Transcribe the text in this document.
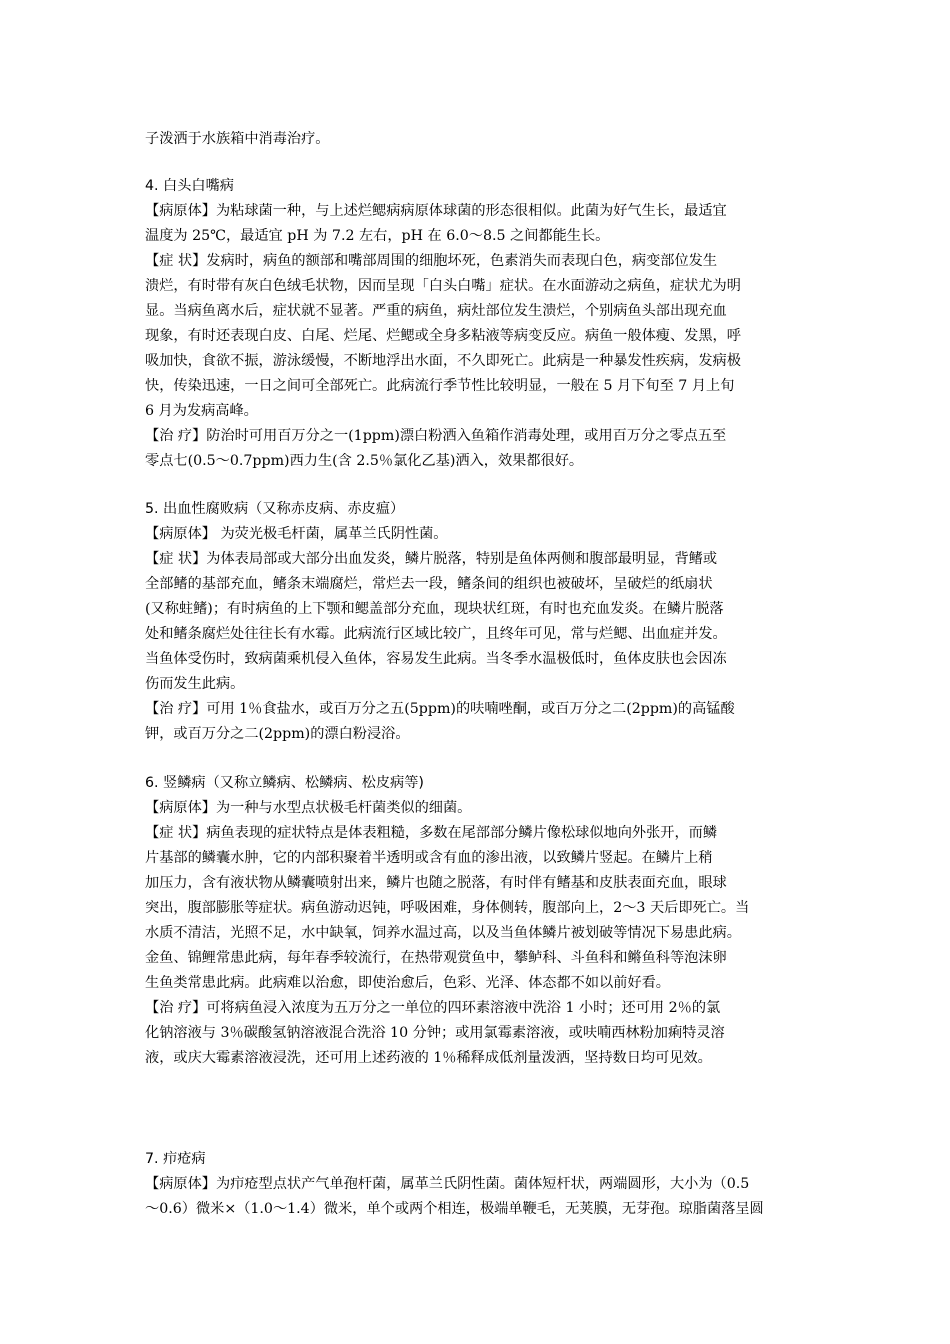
子泼洒于水族箱中消毒治疗。
4. 白头白嘴病
【病原体】为粘球菌一种，与上述烂鳃病病原体球菌的形态很相似。此菌为好气生长，最适宜
温度为 25℃，最适宜 pH 为 7.2 左右，pH 在 6.0～8.5 之间都能生长。
【症 状】发病时，病鱼的额部和嘴部周围的细胞坏死，色素消失而表现白色，病变部位发生
溃烂，有时带有灰白色绒毛状物，因而呈现「白头白嘴」症状。在水面游动之病鱼，症状尤为明
显。当病鱼离水后，症状就不显著。严重的病鱼，病灶部位发生溃烂，个别病鱼头部出现充血
现象，有时还表现白皮、白尾、烂尾、烂鳃或全身多粘液等病变反应。病鱼一般体瘦、发黑，呼
吸加快，食欲不振，游泳缓慢，不断地浮出水面，不久即死亡。此病是一种暴发性疾病，发病极
快，传染迅速，一日之间可全部死亡。此病流行季节性比较明显，一般在 5 月下旬至 7 月上旬
6 月为发病高峰。
【治 疗】防治时可用百万分之一(1ppm)漂白粉洒入鱼箱作消毒处理，或用百万分之零点五至
零点七(0.5～0.7ppm)西力生(含 2.5％氯化乙基)洒入，效果都很好。
5. 出血性腐败病（又称赤皮病、赤皮瘟）
【病原体】 为荧光极毛杆菌，属革兰氏阴性菌。
【症 状】为体表局部或大部分出血发炎，鳞片脱落，特别是鱼体两侧和腹部最明显，背鳍或
全部鳍的基部充血，鳍条末端腐烂，常烂去一段，鳍条间的组织也被破坏，呈破烂的纸扇状
(又称蛀鳍)；有时病鱼的上下颚和鳃盖部分充血，现块状红斑，有时也充血发炎。在鳞片脱落
处和鳍条腐烂处往往长有水霉。此病流行区域比较广，且终年可见，常与烂鳃、出血症并发。
当鱼体受伤时，致病菌乘机侵入鱼体，容易发生此病。当冬季水温极低时，鱼体皮肤也会因冻
伤而发生此病。
【治 疗】可用 1％食盐水，或百万分之五(5ppm)的呋喃唑酮，或百万分之二(2ppm)的高锰酸
钾，或百万分之二(2ppm)的漂白粉浸浴。
6. 竖鳞病（又称立鳞病、松鳞病、松皮病等)
【病原体】为一种与水型点状极毛杆菌类似的细菌。
【症 状】病鱼表现的症状特点是体表粗糙，多数在尾部部分鳞片像松球似地向外张开，而鳞
片基部的鳞囊水肿，它的内部积聚着半透明或含有血的渗出液，以致鳞片竖起。在鳞片上稍
加压力，含有液状物从鳞囊喷射出来，鳞片也随之脱落，有时伴有鳍基和皮肤表面充血，眼球
突出，腹部膨胀等症状。病鱼游动迟钝，呼吸困难，身体侧转，腹部向上，2～3 天后即死亡。当
水质不清洁，光照不足，水中缺氧，饲养水温过高，以及当鱼体鳞片被划破等情况下易患此病。
金鱼、锦鲤常患此病，每年春季较流行，在热带观赏鱼中，攀鲈科、斗鱼科和鳉鱼科等泡沫卵
生鱼类常患此病。此病难以治愈，即使治愈后，色彩、光泽、体态都不如以前好看。
【治 疗】可将病鱼浸入浓度为五万分之一单位的四环素溶液中洗浴 1 小时；还可用 2％的氯
化钠溶液与 3％碳酸氢钠溶液混合洗浴 10 分钟；或用氯霉素溶液，或呋喃西林粉加痢特灵溶
液，或庆大霉素溶液浸洗，还可用上述药液的 1％稀释成低剂量泼洒，坚持数日均可见效。
7. 疖疮病
【病原体】为疖疮型点状产气单孢杆菌，属革兰氏阴性菌。菌体短杆状，两端圆形，大小为（0.5
～0.6）微米×（1.0～1.4）微米，单个或两个相连，极端单鞭毛，无荚膜，无芽孢。琼脂菌落呈圆
